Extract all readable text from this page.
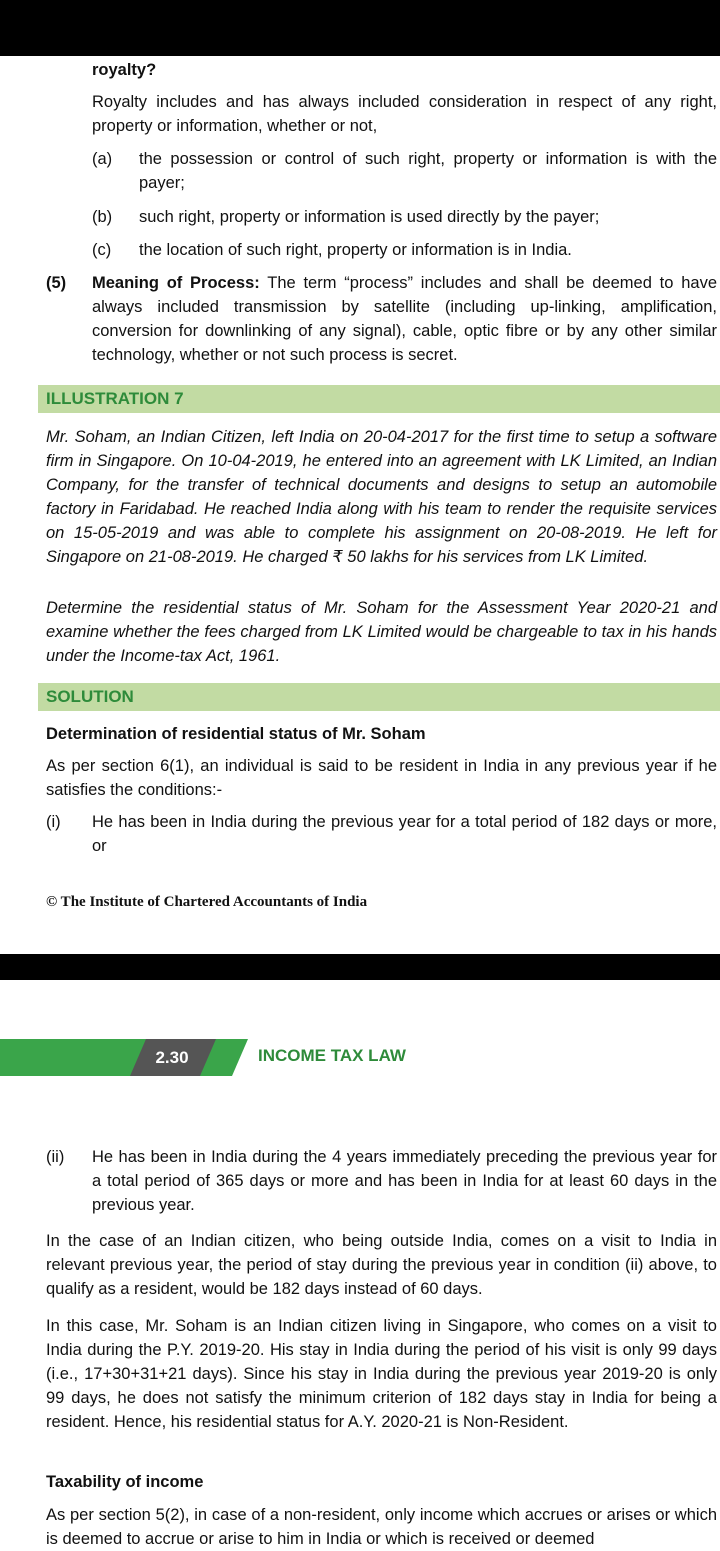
royalty?
Royalty includes and has always included consideration in respect of any right, property or information, whether or not,
(a) the possession or control of such right, property or information is with the payer;
(b) such right, property or information is used directly by the payer;
(c) the location of such right, property or information is in India.
(5) Meaning of Process: The term “process” includes and shall be deemed to have always included transmission by satellite (including up-linking, amplification, conversion for downlinking of any signal), cable, optic fibre or by any other similar technology, whether or not such process is secret.
ILLUSTRATION 7
Mr. Soham, an Indian Citizen, left India on 20-04-2017 for the first time to setup a software firm in Singapore. On 10-04-2019, he entered into an agreement with LK Limited, an Indian Company, for the transfer of technical documents and designs to setup an automobile factory in Faridabad. He reached India along with his team to render the requisite services on 15-05-2019 and was able to complete his assignment on 20-08-2019. He left for Singapore on 21-08-2019. He charged ₹ 50 lakhs for his services from LK Limited.
Determine the residential status of Mr. Soham for the Assessment Year 2020-21 and examine whether the fees charged from LK Limited would be chargeable to tax in his hands under the Income-tax Act, 1961.
SOLUTION
Determination of residential status of Mr. Soham
As per section 6(1), an individual is said to be resident in India in any previous year if he satisfies the conditions:-
(i) He has been in India during the previous year for a total period of 182 days or more, or
© The Institute of Chartered Accountants of India
2.30	INCOME TAX LAW
(ii) He has been in India during the 4 years immediately preceding the previous year for a total period of 365 days or more and has been in India for at least 60 days in the previous year.
In the case of an Indian citizen, who being outside India, comes on a visit to India in relevant previous year, the period of stay during the previous year in condition (ii) above, to qualify as a resident, would be 182 days instead of 60 days.
In this case, Mr. Soham is an Indian citizen living in Singapore, who comes on a visit to India during the P.Y. 2019-20. His stay in India during the period of his visit is only 99 days (i.e., 17+30+31+21 days). Since his stay in India during the previous year 2019-20 is only 99 days, he does not satisfy the minimum criterion of 182 days stay in India for being a resident. Hence, his residential status for A.Y. 2020-21 is Non-Resident.
Taxability of income
As per section 5(2), in case of a non-resident, only income which accrues or arises or which is deemed to accrue or arise to him in India or which is received or deemed
